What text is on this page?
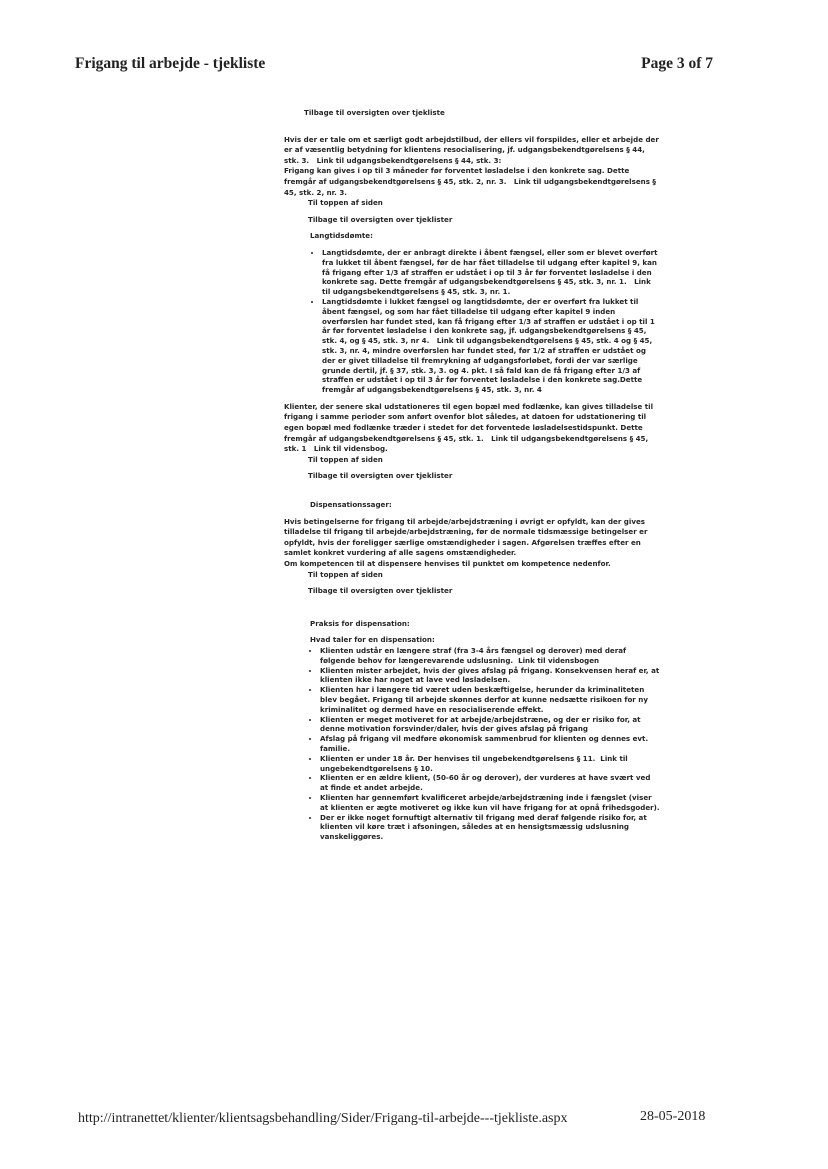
Frigang til arbejde - tjekliste	Page 3 of 7
Tilbage til oversigten over tjekliste

Hvis der er tale om et særligt godt arbejdstilbud, der ellers vil forspildes, eller et arbejde der er af væsentlig betydning for klientens resocialisering, jf. udgangsbekendtgørelsens § 44, stk. 3. Link til udgangsbekendtgørelsens § 44, stk. 3:

Frigang kan gives i op til 3 måneder før forventet løsladelse i den konkrete sag. Dette fremgår af udgangsbekendtgørelsens § 45, stk. 2, nr. 3. Link til udgangsbekendtgørelsens § 45, stk. 2, nr. 3.

Til toppen af siden
Tilbage til oversigten over tjeklister
Langtidsdømte:
• Langtidsdømte, der er anbragt direkte i åbent fængsel, eller som er blevet overført fra lukket til åbent fængsel, før de har fået tilladelse til udgang efter kapitel 9, kan få frigang efter 1/3 af straffen er udstået i op til 3 år før forventet løsladelse i den konkrete sag. Dette fremgår af udgangsbekendtgørelsens § 45, stk. 3, nr. 1. Link til udgangsbekendtgørelsens § 45, stk. 3, nr. 1.
• Langtidsdømte i lukket fængsel og langtidsdømte, der er overført fra lukket til åbent fængsel, og som har fået tilladelse til udgang efter kapitel 9 inden overførslen har fundet sted, kan få frigang efter 1/3 af straffen er udstået i op til 1 år før forventet løsladelse i den konkrete sag, jf. udgangsbekendtgørelsens § 45, stk. 4, og § 45, stk. 3, nr 4. Link til udgangsbekendtgørelsens § 45, stk. 4 og § 45, stk. 3, nr. 4, mindre overførslen har fundet sted, før 1/2 af straffen er udstået og der er givet tilladelse til fremrykning af udgangsforløbet, fordi der var særlige grunde dertil, jf. § 37, stk. 3, 3. og 4. pkt. I så fald kan de få frigang efter 1/3 af straffen er udstået i op til 3 år før forventet løsladelse i den konkrete sag.Dette fremgår af udgangsbekendtgørelsens § 45, stk. 3, nr. 4

Klienter, der senere skal udstationeres til egen bopæl med fodlænke, kan gives tilladelse til frigang i samme perioder som anført ovenfor blot således, at datoen for udstationering til egen bopæl med fodlænke træder i stedet for det forventede løsladelsestidspunkt. Dette fremgår af udgangsbekendtgørelsens § 45, stk. 1. Link til udgangsbekendtgørelsens § 45, stk. 1 Link til vidensbog.

Til toppen af siden
Tilbage til oversigten over tjeklister
Dispensationssager:

Hvis betingelserne for frigang til arbejde/arbejdstræning i øvrigt er opfyldt, kan der gives tilladelse til frigang til arbejde/arbejdstræning, før de normale tidsmæssige betingelser er opfyldt, hvis der foreligger særlige omstændigheder i sagen. Afgørelsen træffes efter en samlet konkret vurdering af alle sagens omstændigheder.

Om kompetencen til at dispensere henvises til punktet om kompetence nedenfor.

Til toppen af siden
Tilbage til oversigten over tjeklister
Praksis for dispensation:
Hvad taler for en dispensation:
• Klienten udstår en længere straf (fra 3-4 års fængsel og derover) med deraf følgende behov for længerevarende udslusning. Link til vidensbogen
• Klienten mister arbejdet, hvis der gives afslag på frigang. Konsekvensen heraf er, at klienten ikke har noget at lave ved løsladelsen.
• Klienten har i længere tid været uden beskæftigelse, herunder da kriminaliteten blev begået. Frigang til arbejde skønnes derfor at kunne nedsætte risikoen for ny kriminalitet og dermed have en resocialiserende effekt.
• Klienten er meget motiveret for at arbejde/arbejdstræne, og der er risiko for, at denne motivation forsvinder/daler, hvis der gives afslag på frigang
• Afslag på frigang vil medføre økonomisk sammenbrud for klienten og dennes evt. familie.
• Klienten er under 18 år. Der henvises til ungebekendtgørelsens § 11. Link til ungebekendtgørelsens § 10.
• Klienten er en ældre klient, (50-60 år og derover), der vurderes at have svært ved at finde et andet arbejde.
• Klienten har gennemført kvalificeret arbejde/arbejdstræning inde i fængslet (viser at klienten er ægte motiveret og ikke kun vil have frigang for at opnå frihedsgoder).
• Der er ikke noget fornuftigt alternativ til frigang med deraf følgende risiko for, at klienten vil køre træt i afsoningen, således at en hensigtsmæssig udslusning vanskeliggøres.
http://intranettet/klienter/klientsagsbehandling/Sider/Frigang-til-arbejde---tjekliste.aspx	28-05-2018
